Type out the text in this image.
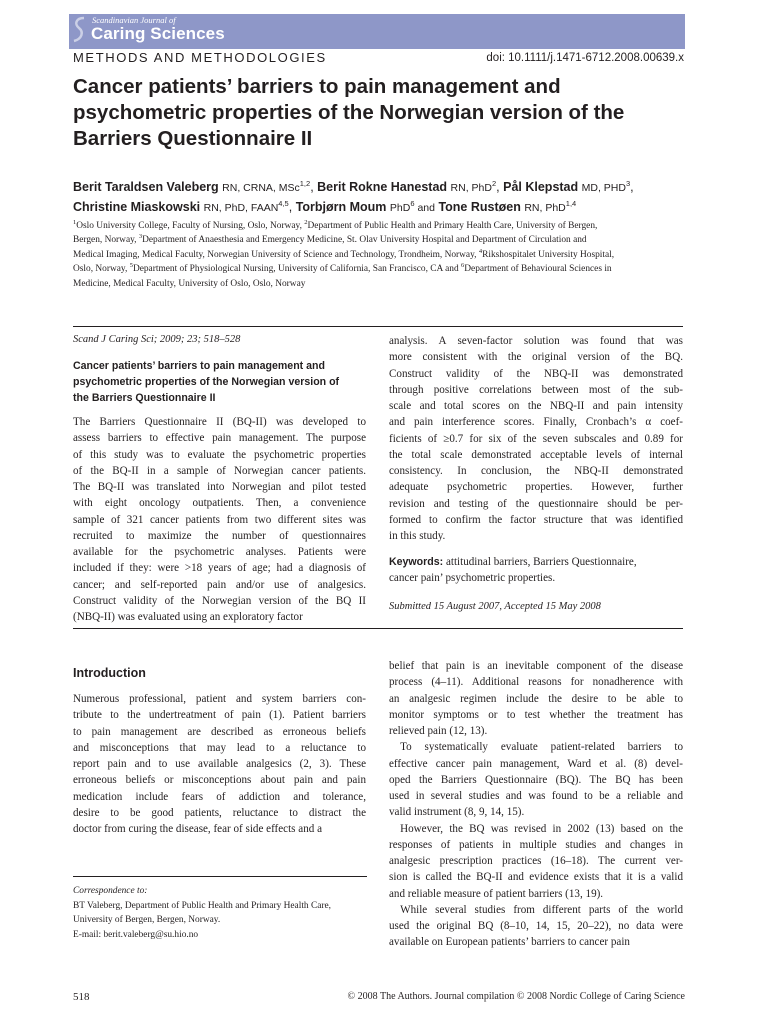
Scandinavian Journal of
Caring Sciences
METHODS AND METHODOLOGIES	doi: 10.1111/j.1471-6712.2008.00639.x
Cancer patients’ barriers to pain management and
psychometric properties of the Norwegian version of the
Barriers Questionnaire II
Berit Taraldsen Valeberg RN, CRNA, MSc$^{1,2}$, Berit Rokne Hanestad RN, PhD$^2$, Pål Klepstad MD, PHD$^3$,
Christine Miaskowski RN, PhD, FAAN$^{4,5}$, Torbjørn Moum PhD$^6$ and Tone Rustøen RN, PhD$^{1,4}$
$^1$Oslo University College, Faculty of Nursing, Oslo, Norway, $^2$Department of Public Health and Primary Health Care, University of Bergen,
Bergen, Norway, $^3$Department of Anaesthesia and Emergency Medicine, St. Olav University Hospital and Department of Circulation and
Medical Imaging, Medical Faculty, Norwegian University of Science and Technology, Trondheim, Norway, $^4$Rikshospitalet University Hospital,
Oslo, Norway, $^5$Department of Physiological Nursing, University of California, San Francisco, CA and $^6$Department of Behavioural Sciences in
Medicine, Medical Faculty, University of Oslo, Oslo, Norway
Scand J Caring Sci; 2009; 23; 518–528
Cancer patients’ barriers to pain management and
psychometric properties of the Norwegian version of
the Barriers Questionnaire II
The Barriers Questionnaire II (BQ-II) was developed to
assess barriers to effective pain management. The purpose
of this study was to evaluate the psychometric properties
of the BQ-II in a sample of Norwegian cancer patients.
The BQ-II was translated into Norwegian and pilot tested
with eight oncology outpatients. Then, a convenience
sample of 321 cancer patients from two different sites was
recruited to maximize the number of questionnaires
available for the psychometric analyses. Patients were
included if they: were >18 years of age; had a diagnosis of
cancer; and self-reported pain and/or use of analgesics.
Construct validity of the Norwegian version of the BQ II
(NBQ-II) was evaluated using an exploratory factor
analysis. A seven-factor solution was found that was
more consistent with the original version of the BQ.
Construct validity of the NBQ-II was demonstrated
through positive correlations between most of the sub-
scale and total scores on the NBQ-II and pain intensity
and pain interference scores. Finally, Cronbach’s α coef-
ficients of ≥0.7 for six of the seven subscales and 0.89 for
the total scale demonstrated acceptable levels of internal
consistency. In conclusion, the NBQ-II demonstrated
adequate psychometric properties. However, further
revision and testing of the questionnaire should be per-
formed to confirm the factor structure that was identified
in this study.
Keywords: attitudinal barriers, Barriers Questionnaire,
cancer pain’ psychometric properties.
Submitted 15 August 2007, Accepted 15 May 2008
Introduction
Numerous professional, patient and system barriers con-
tribute to the undertreatment of pain (1). Patient barriers
to pain management are described as erroneous beliefs
and misconceptions that may lead to a reluctance to
report pain and to use available analgesics (2, 3). These
erroneous beliefs or misconceptions about pain and pain
medication include fears of addiction and tolerance,
desire to be good patients, reluctance to distract the
doctor from curing the disease, fear of side effects and a
belief that pain is an inevitable component of the disease
process (4–11). Additional reasons for nonadherence with
an analgesic regimen include the desire to be able to
monitor symptoms or to test whether the treatment has
relieved pain (12, 13).
 To systematically evaluate patient-related barriers to
effective cancer pain management, Ward et al. (8) devel-
oped the Barriers Questionnaire (BQ). The BQ has been
used in several studies and was found to be a reliable and
valid instrument (8, 9, 14, 15).
 However, the BQ was revised in 2002 (13) based on the
responses of patients in multiple studies and changes in
analgesic prescription practices (16–18). The current ver-
sion is called the BQ-II and evidence exists that it is a valid
and reliable measure of patient barriers (13, 19).
 While several studies from different parts of the world
used the original BQ (8–10, 14, 15, 20–22), no data were
available on European patients’ barriers to cancer pain
Correspondence to:
BT Valeberg, Department of Public Health and Primary Health Care,
University of Bergen, Bergen, Norway.
E-mail: berit.valeberg@su.hio.no
518	© 2008 The Authors. Journal compilation © 2008 Nordic College of Caring Science
